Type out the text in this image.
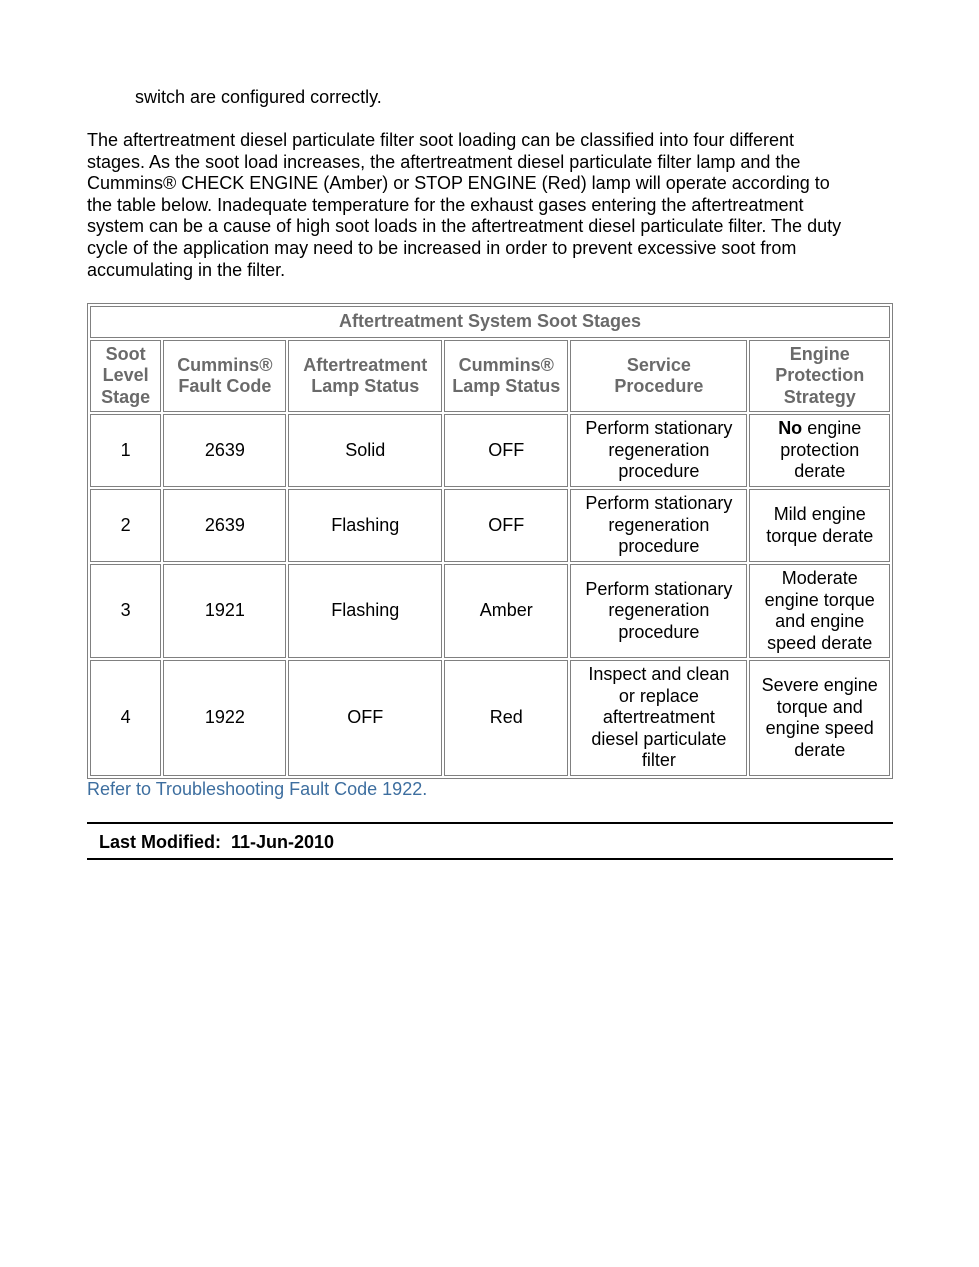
switch are configured correctly.

The aftertreatment diesel particulate filter soot loading can be classified into four different
stages. As the soot load increases, the aftertreatment diesel particulate filter lamp and the
Cummins® CHECK ENGINE (Amber) or STOP ENGINE (Red) lamp will operate according to
the table below. Inadequate temperature for the exhaust gases entering the aftertreatment
system can be a cause of high soot loads in the aftertreatment diesel particulate filter. The duty
cycle of the application may need to be increased in order to prevent excessive soot from
accumulating in the filter.

Aftertreatment System Soot Stages					
Soot
Level
Stage	Cummins®
Fault Code	Aftertreatment
Lamp Status	Cummins®
Lamp Status	Service
Procedure	Engine
Protection
Strategy
1	2639	Solid	OFF	Perform stationary
regeneration
procedure	No engine
protection
derate
2	2639	Flashing	OFF	Perform stationary
regeneration
procedure	Mild engine
torque derate
3	1921	Flashing	Amber	Perform stationary
regeneration
procedure	Moderate
engine torque
and engine
speed derate
4	1922	OFF	Red	Inspect and clean
or replace
aftertreatment
diesel particulate
filter	Severe engine
torque and
engine speed
derate
Refer to Troubleshooting Fault Code 1922.
Last Modified:  11-Jun-2010
